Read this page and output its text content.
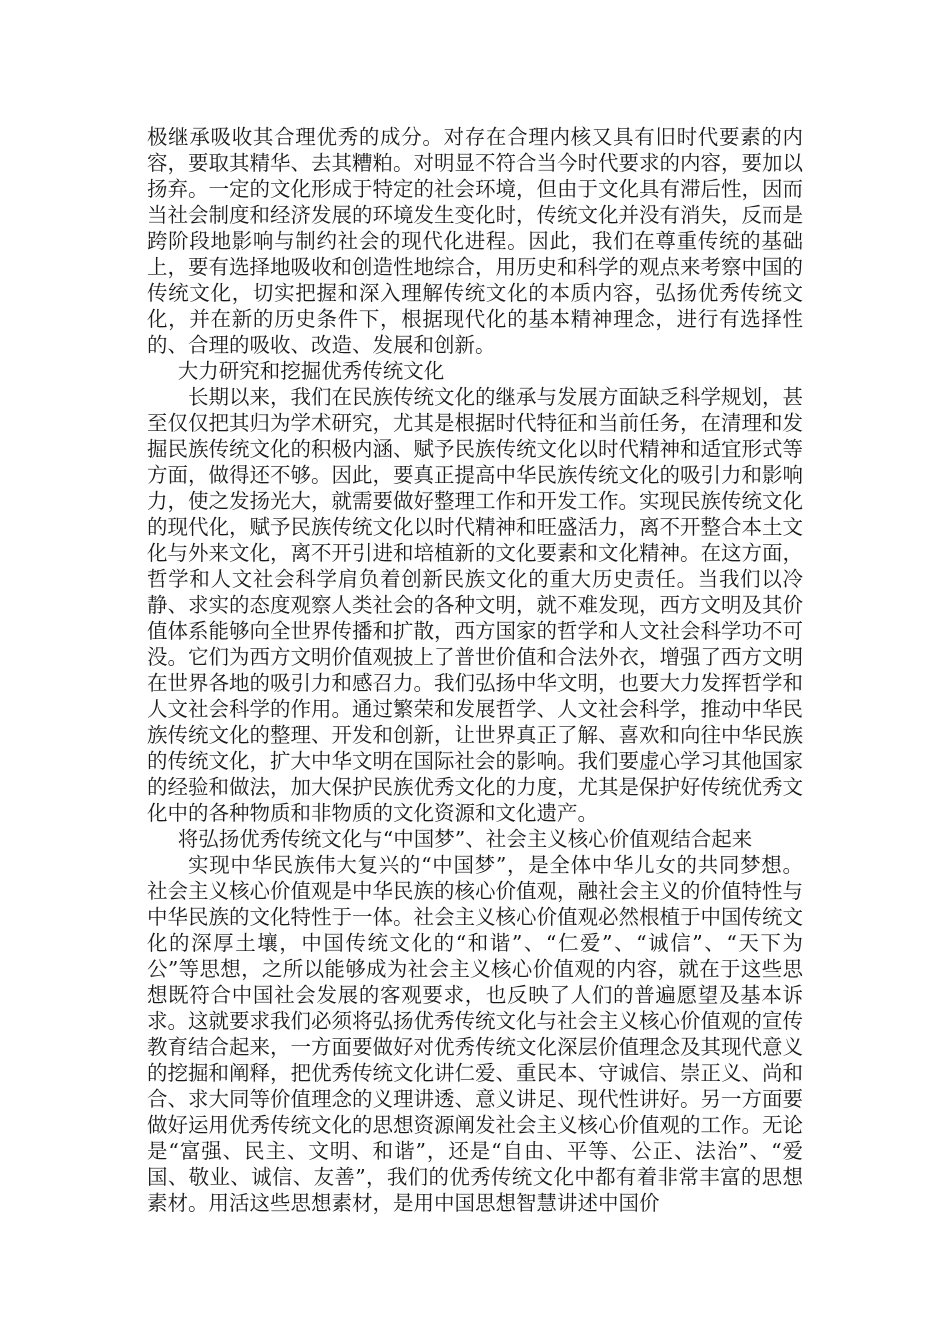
极继承吸收其合理优秀的成分。对存在合理内核又具有旧时代要素的内容，要取其精华、去其糟粕。对明显不符合当今时代要求的内容，要加以扬弃。一定的文化形成于特定的社会环境，但由于文化具有滞后性，因而当社会制度和经济发展的环境发生变化时，传统文化并没有消失，反而是跨阶段地影响与制约社会的现代化进程。因此，我们在尊重传统的基础上，要有选择地吸收和创造性地综合，用历史和科学的观点来考察中国的传统文化，切实把握和深入理解传统文化的本质内容，弘扬优秀传统文化，并在新的历史条件下，根据现代化的基本精神理念，进行有选择性的、合理的吸收、改造、发展和创新。

大力研究和挖掘优秀传统文化

长期以来，我们在民族传统文化的继承与发展方面缺乏科学规划，甚至仅仅把其归为学术研究，尤其是根据时代特征和当前任务，在清理和发掘民族传统文化的积极内涵、赋予民族传统文化以时代精神和适宜形式等方面，做得还不够。因此，要真正提高中华民族传统文化的吸引力和影响力，使之发扬光大，就需要做好整理工作和开发工作。实现民族传统文化的现代化，赋予民族传统文化以时代精神和旺盛活力，离不开整合本土文化与外来文化，离不开引进和培植新的文化要素和文化精神。在这方面，哲学和人文社会科学肩负着创新民族文化的重大历史责任。当我们以冷静、求实的态度观察人类社会的各种文明，就不难发现，西方文明及其价值体系能够向全世界传播和扩散，西方国家的哲学和人文社会科学功不可没。它们为西方文明价值观披上了普世价值和合法外衣，增强了西方文明在世界各地的吸引力和感召力。我们弘扬中华文明，也要大力发挥哲学和人文社会科学的作用。通过繁荣和发展哲学、人文社会科学，推动中华民族传统文化的整理、开发和创新，让世界真正了解、喜欢和向往中华民族的传统文化，扩大中华文明在国际社会的影响。我们要虚心学习其他国家的经验和做法，加大保护民族优秀文化的力度，尤其是保护好传统优秀文化中的各种物质和非物质的文化资源和文化遗产。

将弘扬优秀传统文化与“中国梦”、社会主义核心价值观结合起来

实现中华民族伟大复兴的“中国梦”，是全体中华儿女的共同梦想。社会主义核心价值观是中华民族的核心价值观，融社会主义的价值特性与中华民族的文化特性于一体。社会主义核心价值观必然根植于中国传统文化的深厚土壤，中国传统文化的“和谐”、“仁爱”、“诚信”、“天下为公”等思想，之所以能够成为社会主义核心价值观的内容，就在于这些思想既符合中国社会发展的客观要求，也反映了人们的普遍愿望及基本诉求。这就要求我们必须将弘扬优秀传统文化与社会主义核心价值观的宣传教育结合起来，一方面要做好对优秀传统文化深层价值理念及其现代意义的挖掘和阐释，把优秀传统文化讲仁爱、重民本、守诚信、崇正义、尚和合、求大同等价值理念的义理讲透、意义讲足、现代性讲好。另一方面要做好运用优秀传统文化的思想资源阐发社会主义核心价值观的工作。无论是“富强、民主、文明、和谐”，还是“自由、平等、公正、法治”、“爱国、敬业、诚信、友善”，我们的优秀传统文化中都有着非常丰富的思想素材。用活这些思想素材，是用中国思想智慧讲述中国价
